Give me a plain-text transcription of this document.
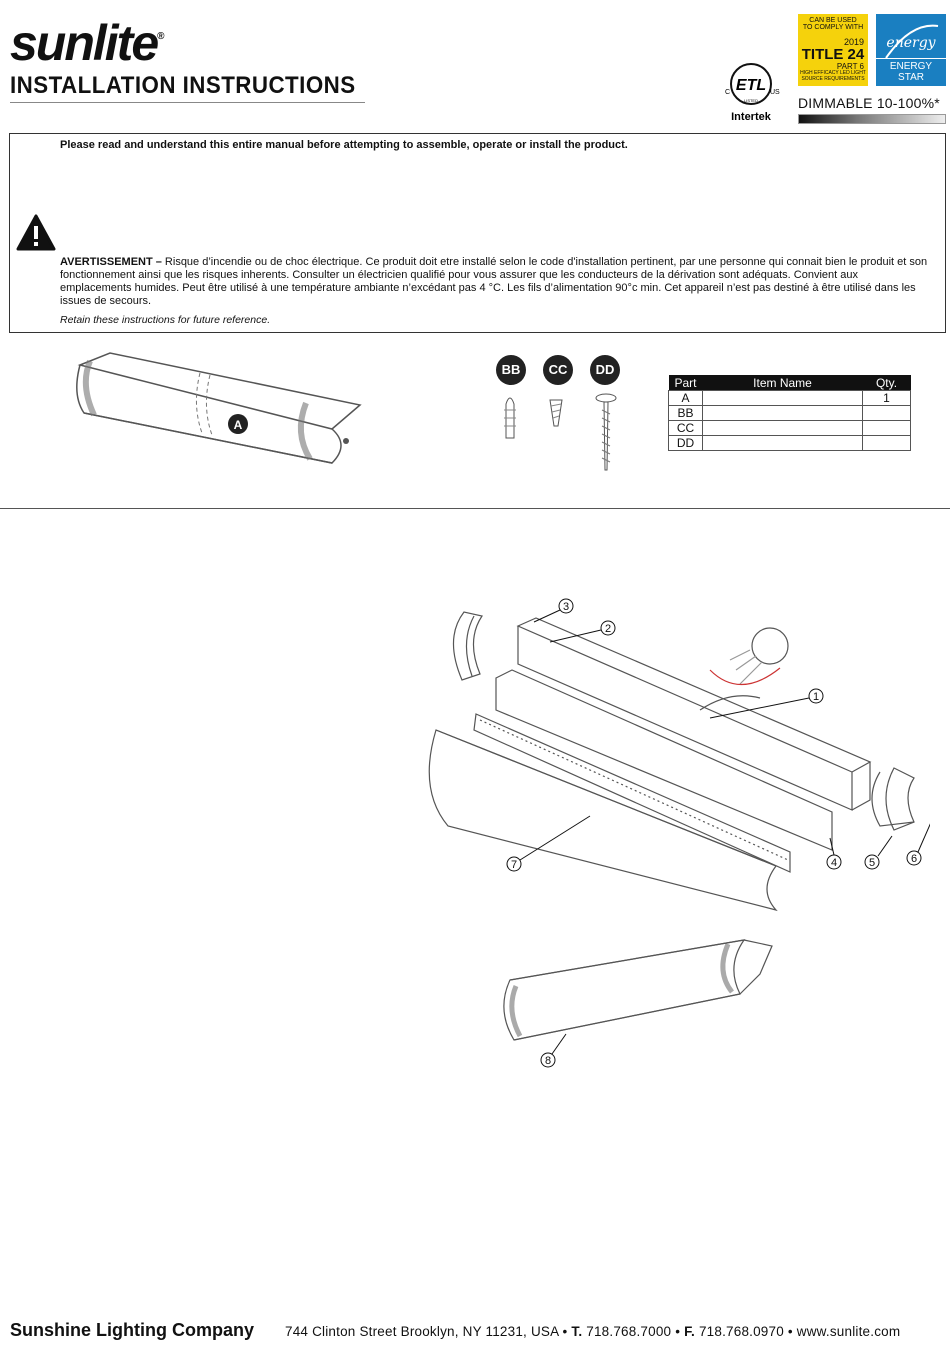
sunlite®
INSTALLATION INSTRUCTIONS	ETL
C	US
LISTED
Intertek
CAN BE USED
TO COMPLY WITH
2019
TITLE 24
PART 6
HIGH EFFICACY LED LIGHT
SOURCE REQUIREMENTS
energy
ENERGY STAR
DIMMABLE 10-100%*
Please read and understand this entire manual before attempting to assemble, operate or install the product.
AVERTISSEMENT – Risque d’incendie ou de choc électrique. Ce produit doit etre installé selon le code d'installation pertinent, par une personne qui connait bien le produit et son fonctionnement ainsi que les risques inherents. Consulter un électricien qualifié pour vous assurer que les conducteurs de la dérivation sont adéquats. Convient aux emplacements humides. Peut être utilisé à une température ambiante n’excédant pas 4 °C. Les fils d’alimentation 90°c min. Cet appareil n’est pas destiné à être utilisé dans les issues de secours.
Retain these instructions for future reference.
A
BB	CC	DD
Part	Item Name	Qty.
A		1
BB		
CC		
DD		
1
2
3
4	5	6
7
8
Sunshine Lighting Company 744 Clinton Street Brooklyn, NY 11231, USA • T. 718.768.7000 • F. 718.768.0970 • www.sunlite.com
